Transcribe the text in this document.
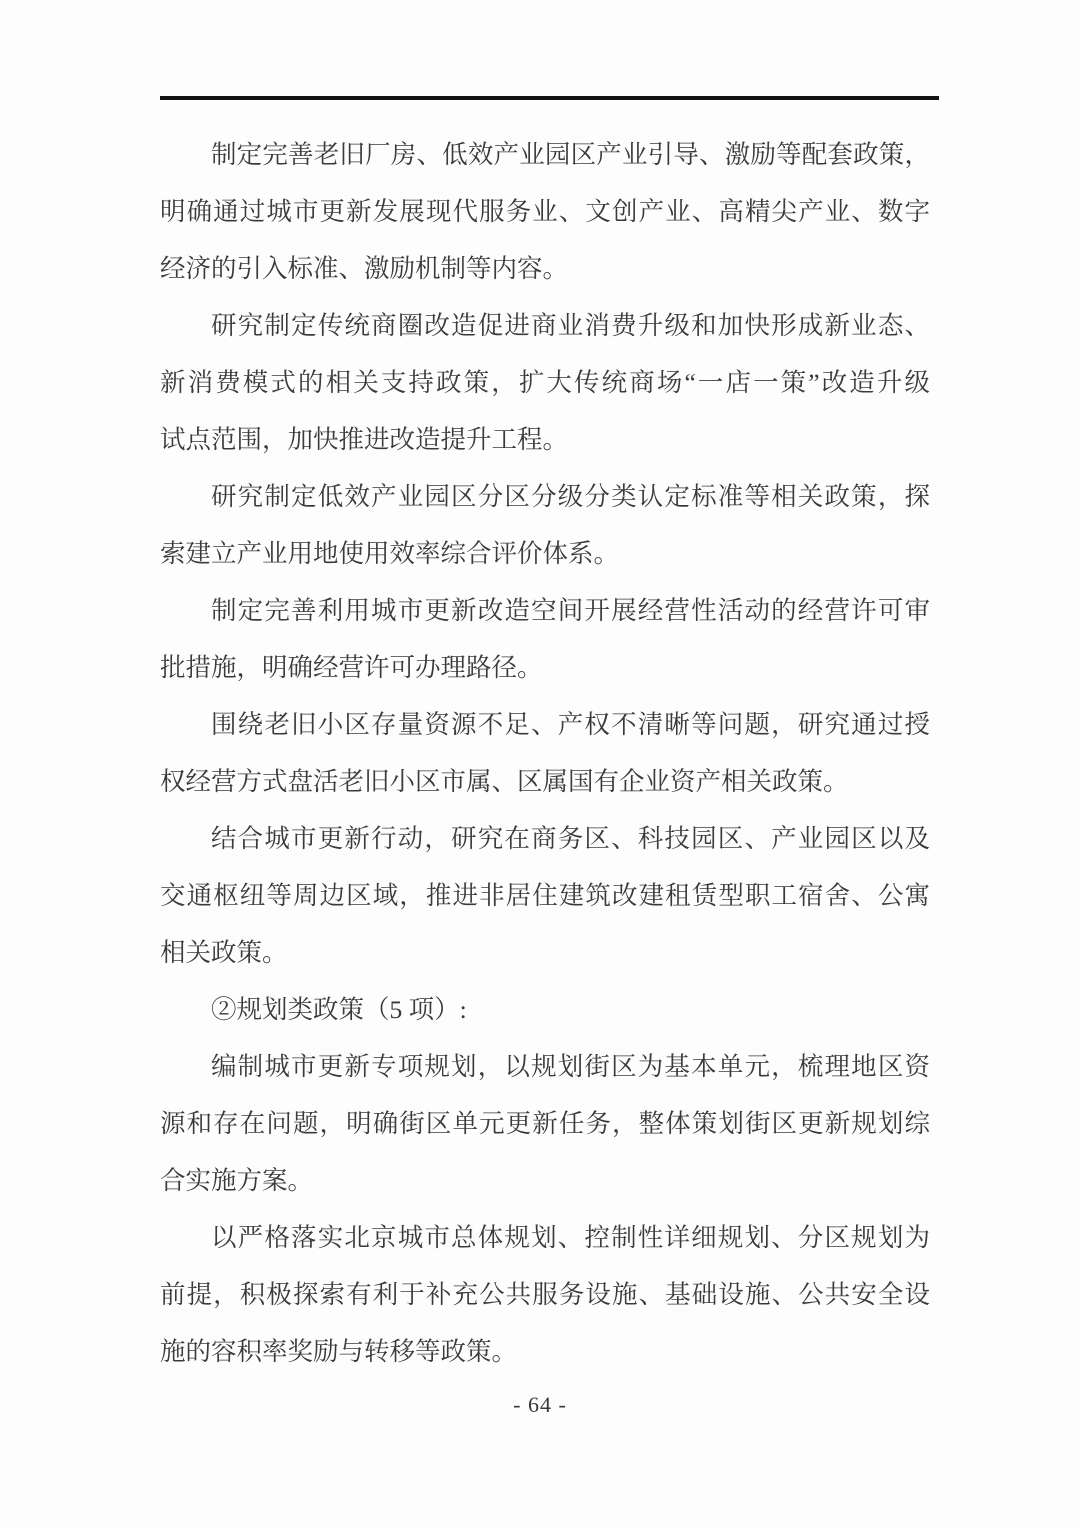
制定完善老旧厂房、低效产业园区产业引导、激励等配套政策，
明确通过城市更新发展现代服务业、文创产业、高精尖产业、数字
经济的引入标准、激励机制等内容。
研究制定传统商圈改造促进商业消费升级和加快形成新业态、
新消费模式的相关支持政策，扩大传统商场“一店一策”改造升级
试点范围，加快推进改造提升工程。
研究制定低效产业园区分区分级分类认定标准等相关政策，探
索建立产业用地使用效率综合评价体系。
制定完善利用城市更新改造空间开展经营性活动的经营许可审
批措施，明确经营许可办理路径。
围绕老旧小区存量资源不足、产权不清晰等问题，研究通过授
权经营方式盘活老旧小区市属、区属国有企业资产相关政策。
结合城市更新行动，研究在商务区、科技园区、产业园区以及
交通枢纽等周边区域，推进非居住建筑改建租赁型职工宿舍、公寓
相关政策。
②规划类政策（5 项）:
编制城市更新专项规划，以规划街区为基本单元，梳理地区资
源和存在问题，明确街区单元更新任务，整体策划街区更新规划综
合实施方案。
以严格落实北京城市总体规划、控制性详细规划、分区规划为
前提，积极探索有利于补充公共服务设施、基础设施、公共安全设
施的容积率奖励与转移等政策。
- 64 -
